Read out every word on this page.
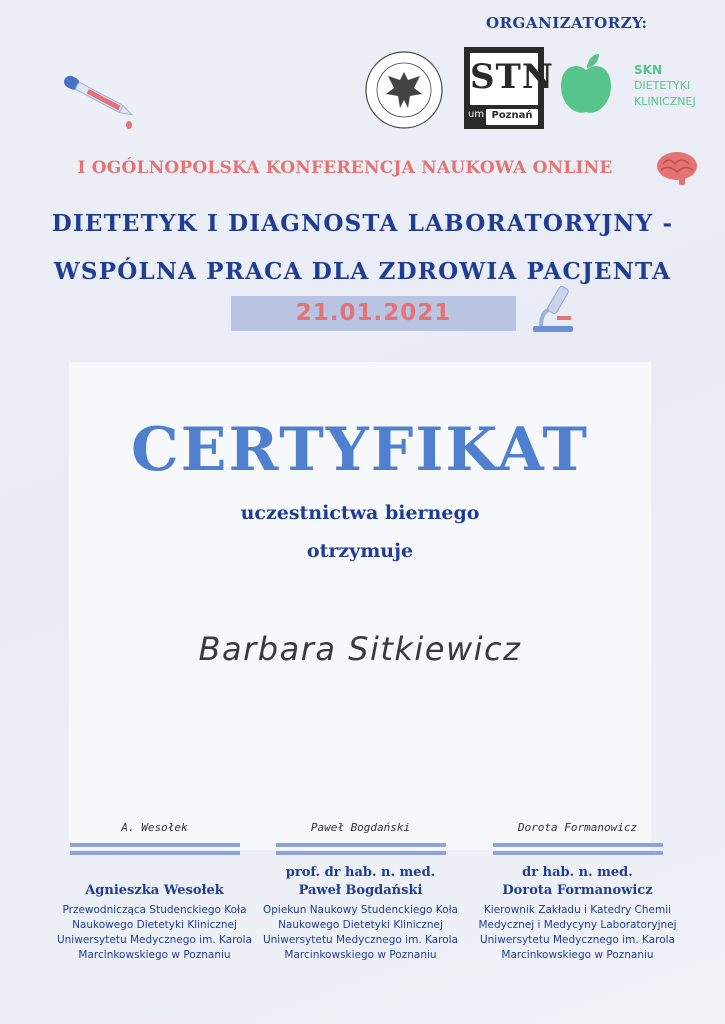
ORGANIZATORZY:
STN
um Poznań
SKN
DIETETYKI
KLINICZNEJ
I OGÓLNOPOLSKA KONFERENCJA NAUKOWA ONLINE
DIETETYK I DIAGNOSTA LABORATORYJNY -
WSPÓLNA PRACA DLA ZDROWIA PACJENTA
21.01.2021
CERTYFIKAT
uczestnictwa biernego
otrzymuje
Barbara Sitkiewicz
A. Wesołek
Agnieszka Wesołek
Przewodnicząca Studenckiego Koła Naukowego Dietetyki Klinicznej Uniwersytetu Medycznego im. Karola Marcinkowskiego w Poznaniu
Paweł Bogdański
prof. dr hab. n. med.
Paweł Bogdański
Opiekun Naukowy Studenckiego Koła Naukowego Dietetyki Klinicznej Uniwersytetu Medycznego im. Karola Marcinkowskiego w Poznaniu
Dorota Formanowicz
dr hab. n. med.
Dorota Formanowicz
Kierownik Zakładu i Katedry Chemii Medycznej i Medycyny Laboratoryjnej Uniwersytetu Medycznego im. Karola Marcinkowskiego w Poznaniu
